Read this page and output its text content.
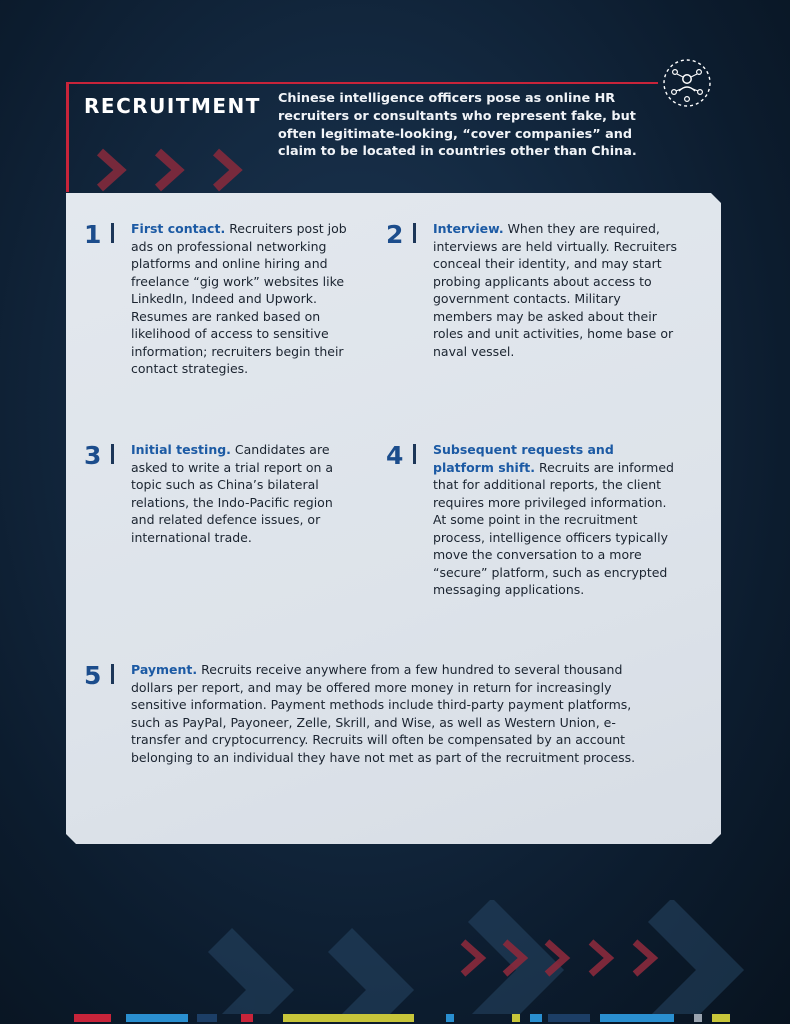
RECRUITMENT Chinese intelligence officers pose as online HR recruiters or consultants who represent fake, but often legitimate-looking, “cover companies” and claim to be located in countries other than China.

1 First contact. Recruiters post job ads on professional networking platforms and online hiring and freelance “gig work” websites like LinkedIn, Indeed and Upwork. Resumes are ranked based on likelihood of access to sensitive information; recruiters begin their contact strategies.

2 Interview. When they are required, interviews are held virtually. Recruiters conceal their identity, and may start probing applicants about access to government contacts. Military members may be asked about their roles and unit activities, home base or naval vessel.

3 Initial testing. Candidates are asked to write a trial report on a topic such as China’s bilateral relations, the Indo-Pacific region and related defence issues, or international trade.

4 Subsequent requests and platform shift. Recruits are informed that for additional reports, the client requires more privileged information. At some point in the recruitment process, intelligence officers typically move the conversation to a more “secure” platform, such as encrypted messaging applications.

5 Payment. Recruits receive anywhere from a few hundred to several thousand dollars per report, and may be offered more money in return for increasingly sensitive information. Payment methods include third-party payment platforms, such as PayPal, Payoneer, Zelle, Skrill, and Wise, as well as Western Union, e-transfer and cryptocurrency. Recruits will often be compensated by an account belonging to an individual they have not met as part of the recruitment process.
